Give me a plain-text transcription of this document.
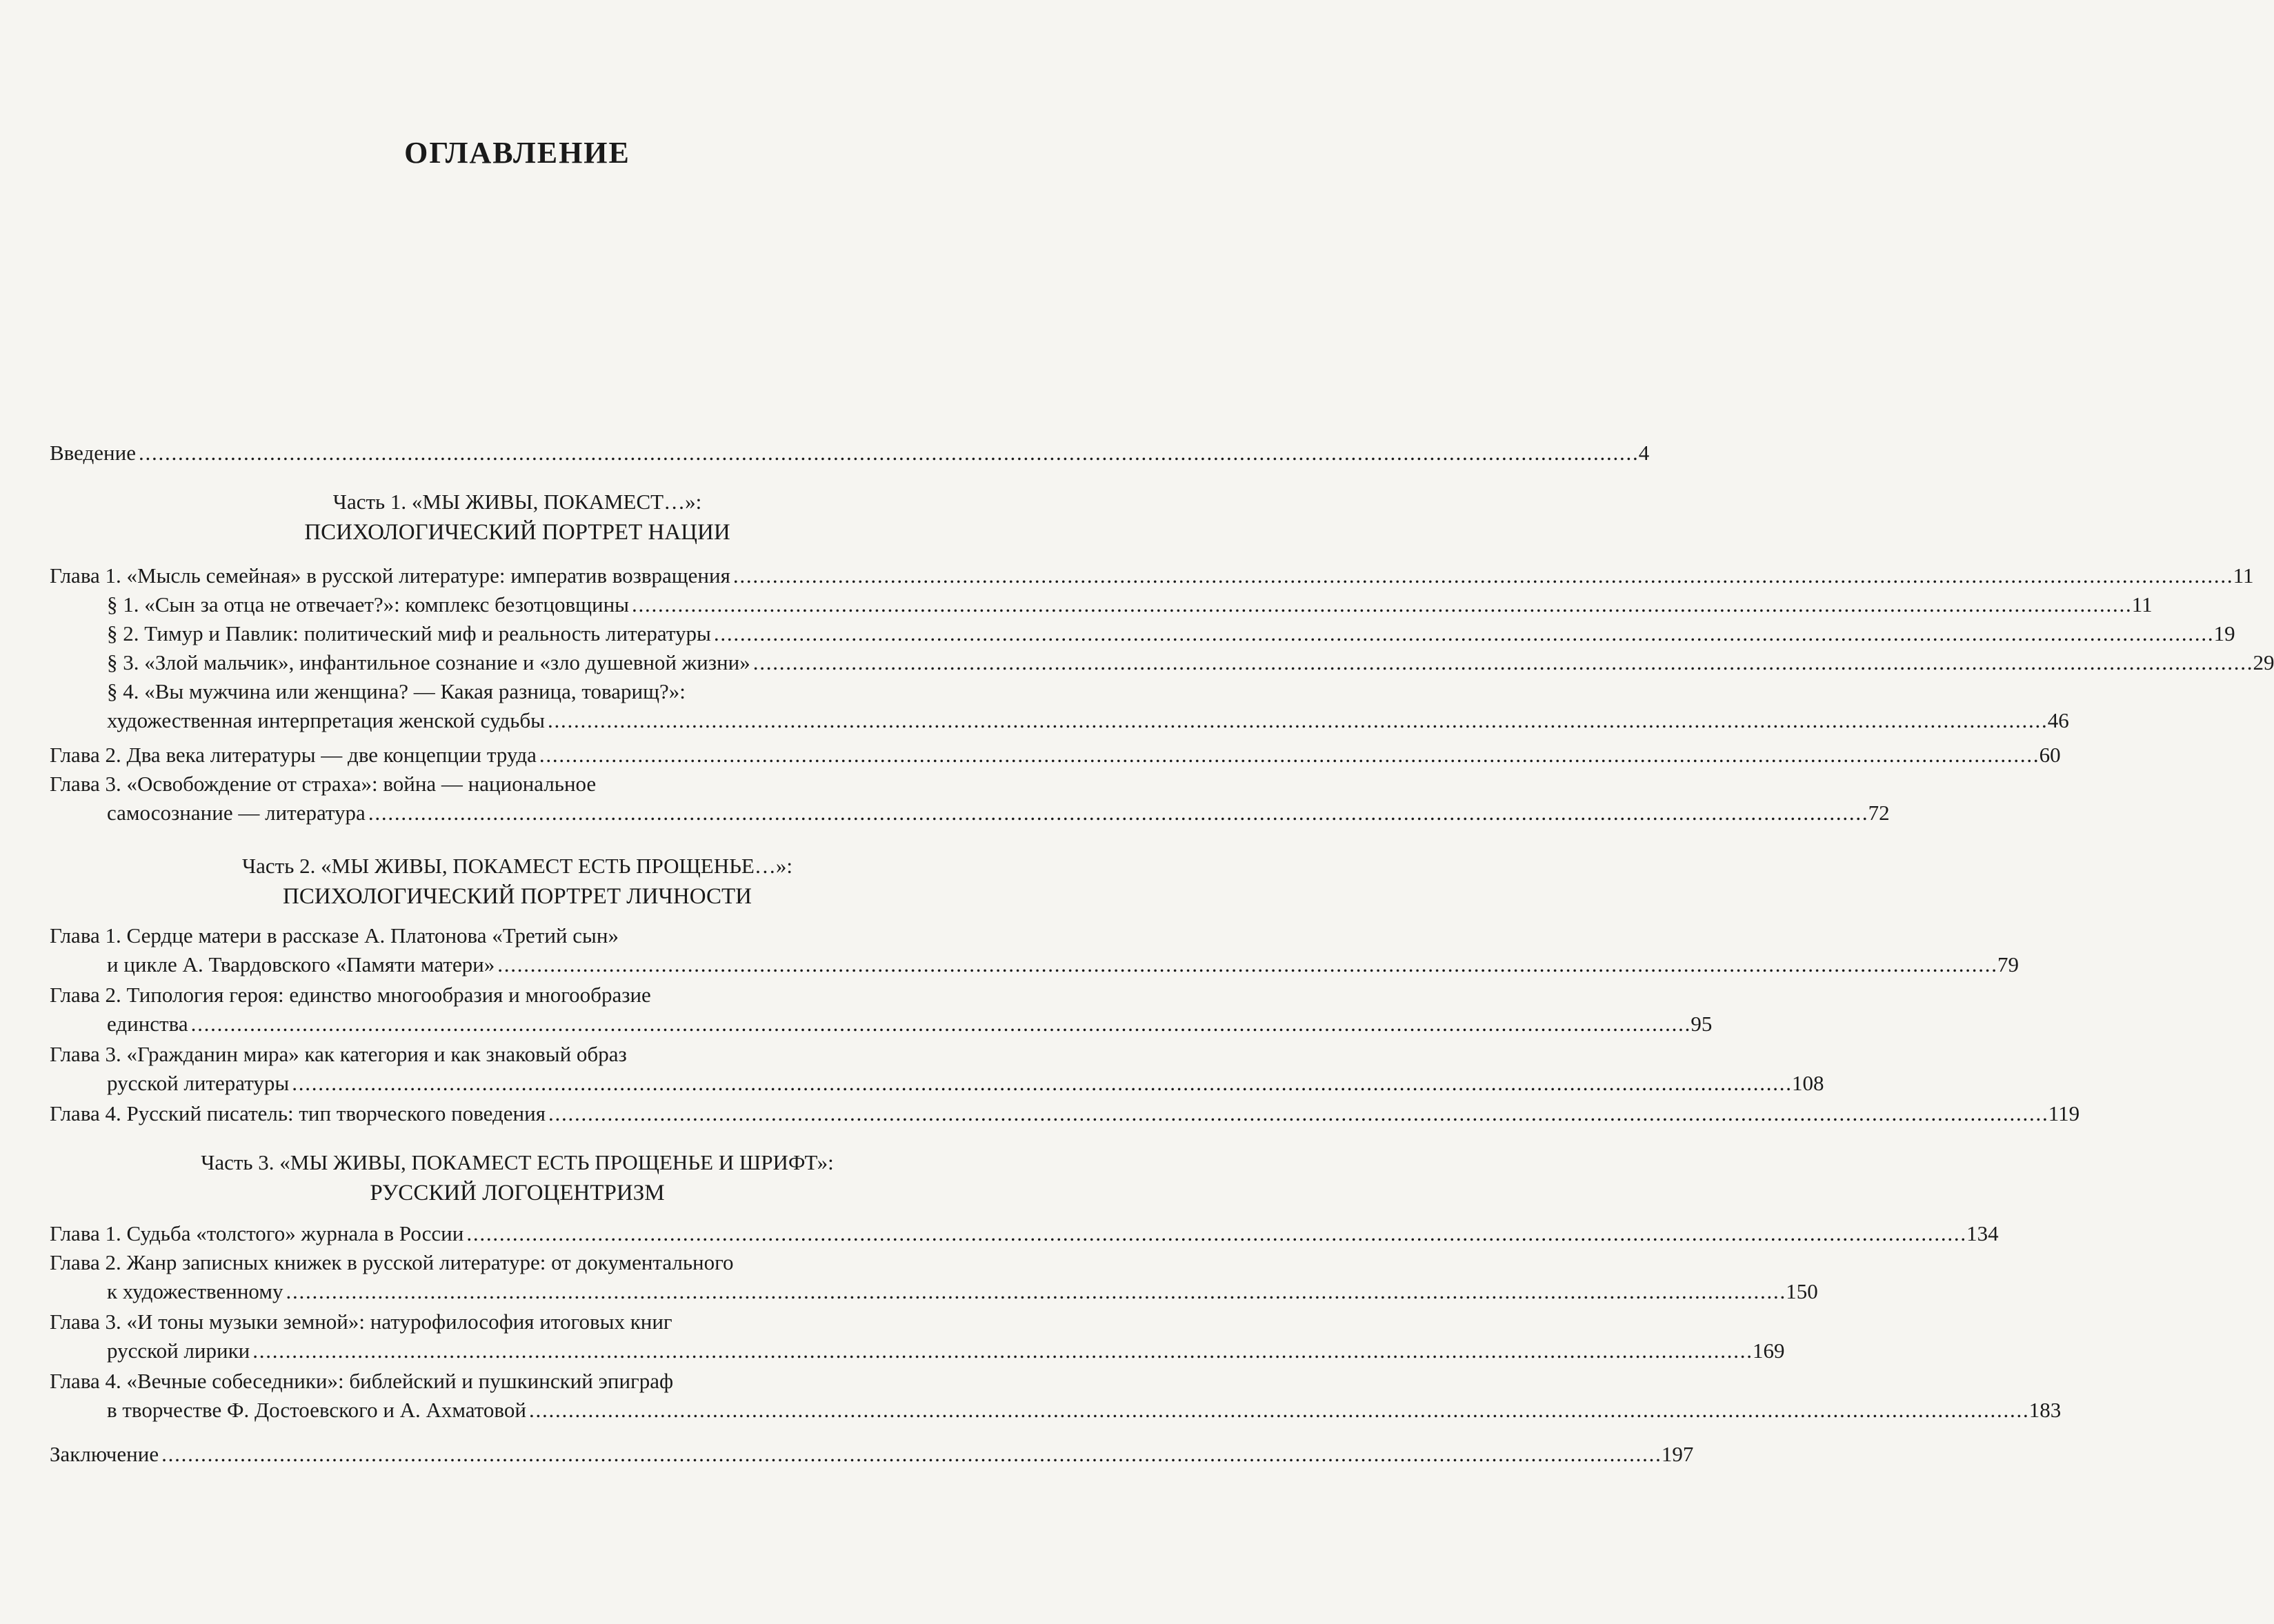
ОГЛАВЛЕНИЕ
Введение . . .	4
Часть 1. «МЫ ЖИВЫ, ПОКАМЕСТ…»:
ПСИХОЛОГИЧЕСКИЙ ПОРТРЕТ НАЦИИ
Глава 1. «Мысль семейная» в русской литературе: императив возвращения . . .	11
§ 1. «Сын за отца не отвечает?»: комплекс безотцовщины . . .	11
§ 2. Тимур и Павлик: политический миф и реальность литературы . . .	19
§ 3. «Злой мальчик», инфантильное сознание и «зло душевной жизни» . . .	29
§ 4. «Вы мужчина или женщина? — Какая разница, товарищ?»:
художественная интерпретация женской судьбы . . .	46
Глава 2. Два века литературы — две концепции труда . . .	60
Глава 3. «Освобождение от страха»: война — национальное
самосознание — литература . . .	72
Часть 2. «МЫ ЖИВЫ, ПОКАМЕСТ ЕСТЬ ПРОЩЕНЬЕ…»:
ПСИХОЛОГИЧЕСКИЙ ПОРТРЕТ ЛИЧНОСТИ
Глава 1. Сердце матери в рассказе А. Платонова «Третий сын»
и цикле А. Твардовского «Памяти матери» . . .	79
Глава 2. Типология героя: единство многообразия и многообразие
единства . . .	95
Глава 3. «Гражданин мира» как категория и как знаковый образ
русской литературы . . .	108
Глава 4. Русский писатель: тип творческого поведения . . .	119
Часть 3. «МЫ ЖИВЫ, ПОКАМЕСТ ЕСТЬ ПРОЩЕНЬЕ И ШРИФТ»:
РУССКИЙ ЛОГОЦЕНТРИЗМ
Глава 1. Судьба «толстого» журнала в России . . .	134
Глава 2. Жанр записных книжек в русской литературе: от документального
к художественному . . .	150
Глава 3. «И тоны музыки земной»: натурофилософия итоговых книг
русской лирики . . .	169
Глава 4. «Вечные собеседники»: библейский и пушкинский эпиграф
в творчестве Ф. Достоевского и А. Ахматовой . . .	183
Заключение . . .	197
